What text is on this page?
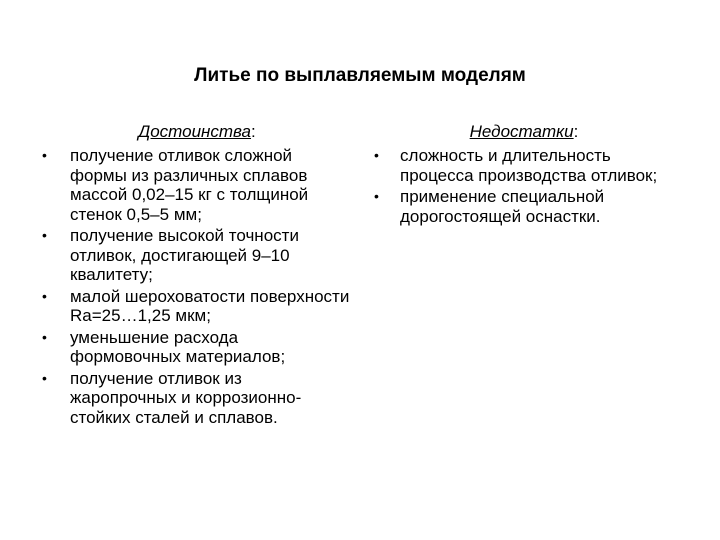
Литье по выплавляемым моделям
Достоинства:
• получение отливок сложной формы из различных сплавов массой 0,02–15 кг с толщиной стенок 0,5–5 мм;
• получение высокой точности отливок, достигающей 9–10 квалитету;
• малой шероховатости поверхности Ra=25…1,25 мкм;
• уменьшение расхода формовочных материалов;
• получение отливок из жаропрочных и коррозионно-стойких сталей и сплавов.
Недостатки:
• сложность и длительность процесса производства отливок;
• применение специальной дорогостоящей оснастки.
